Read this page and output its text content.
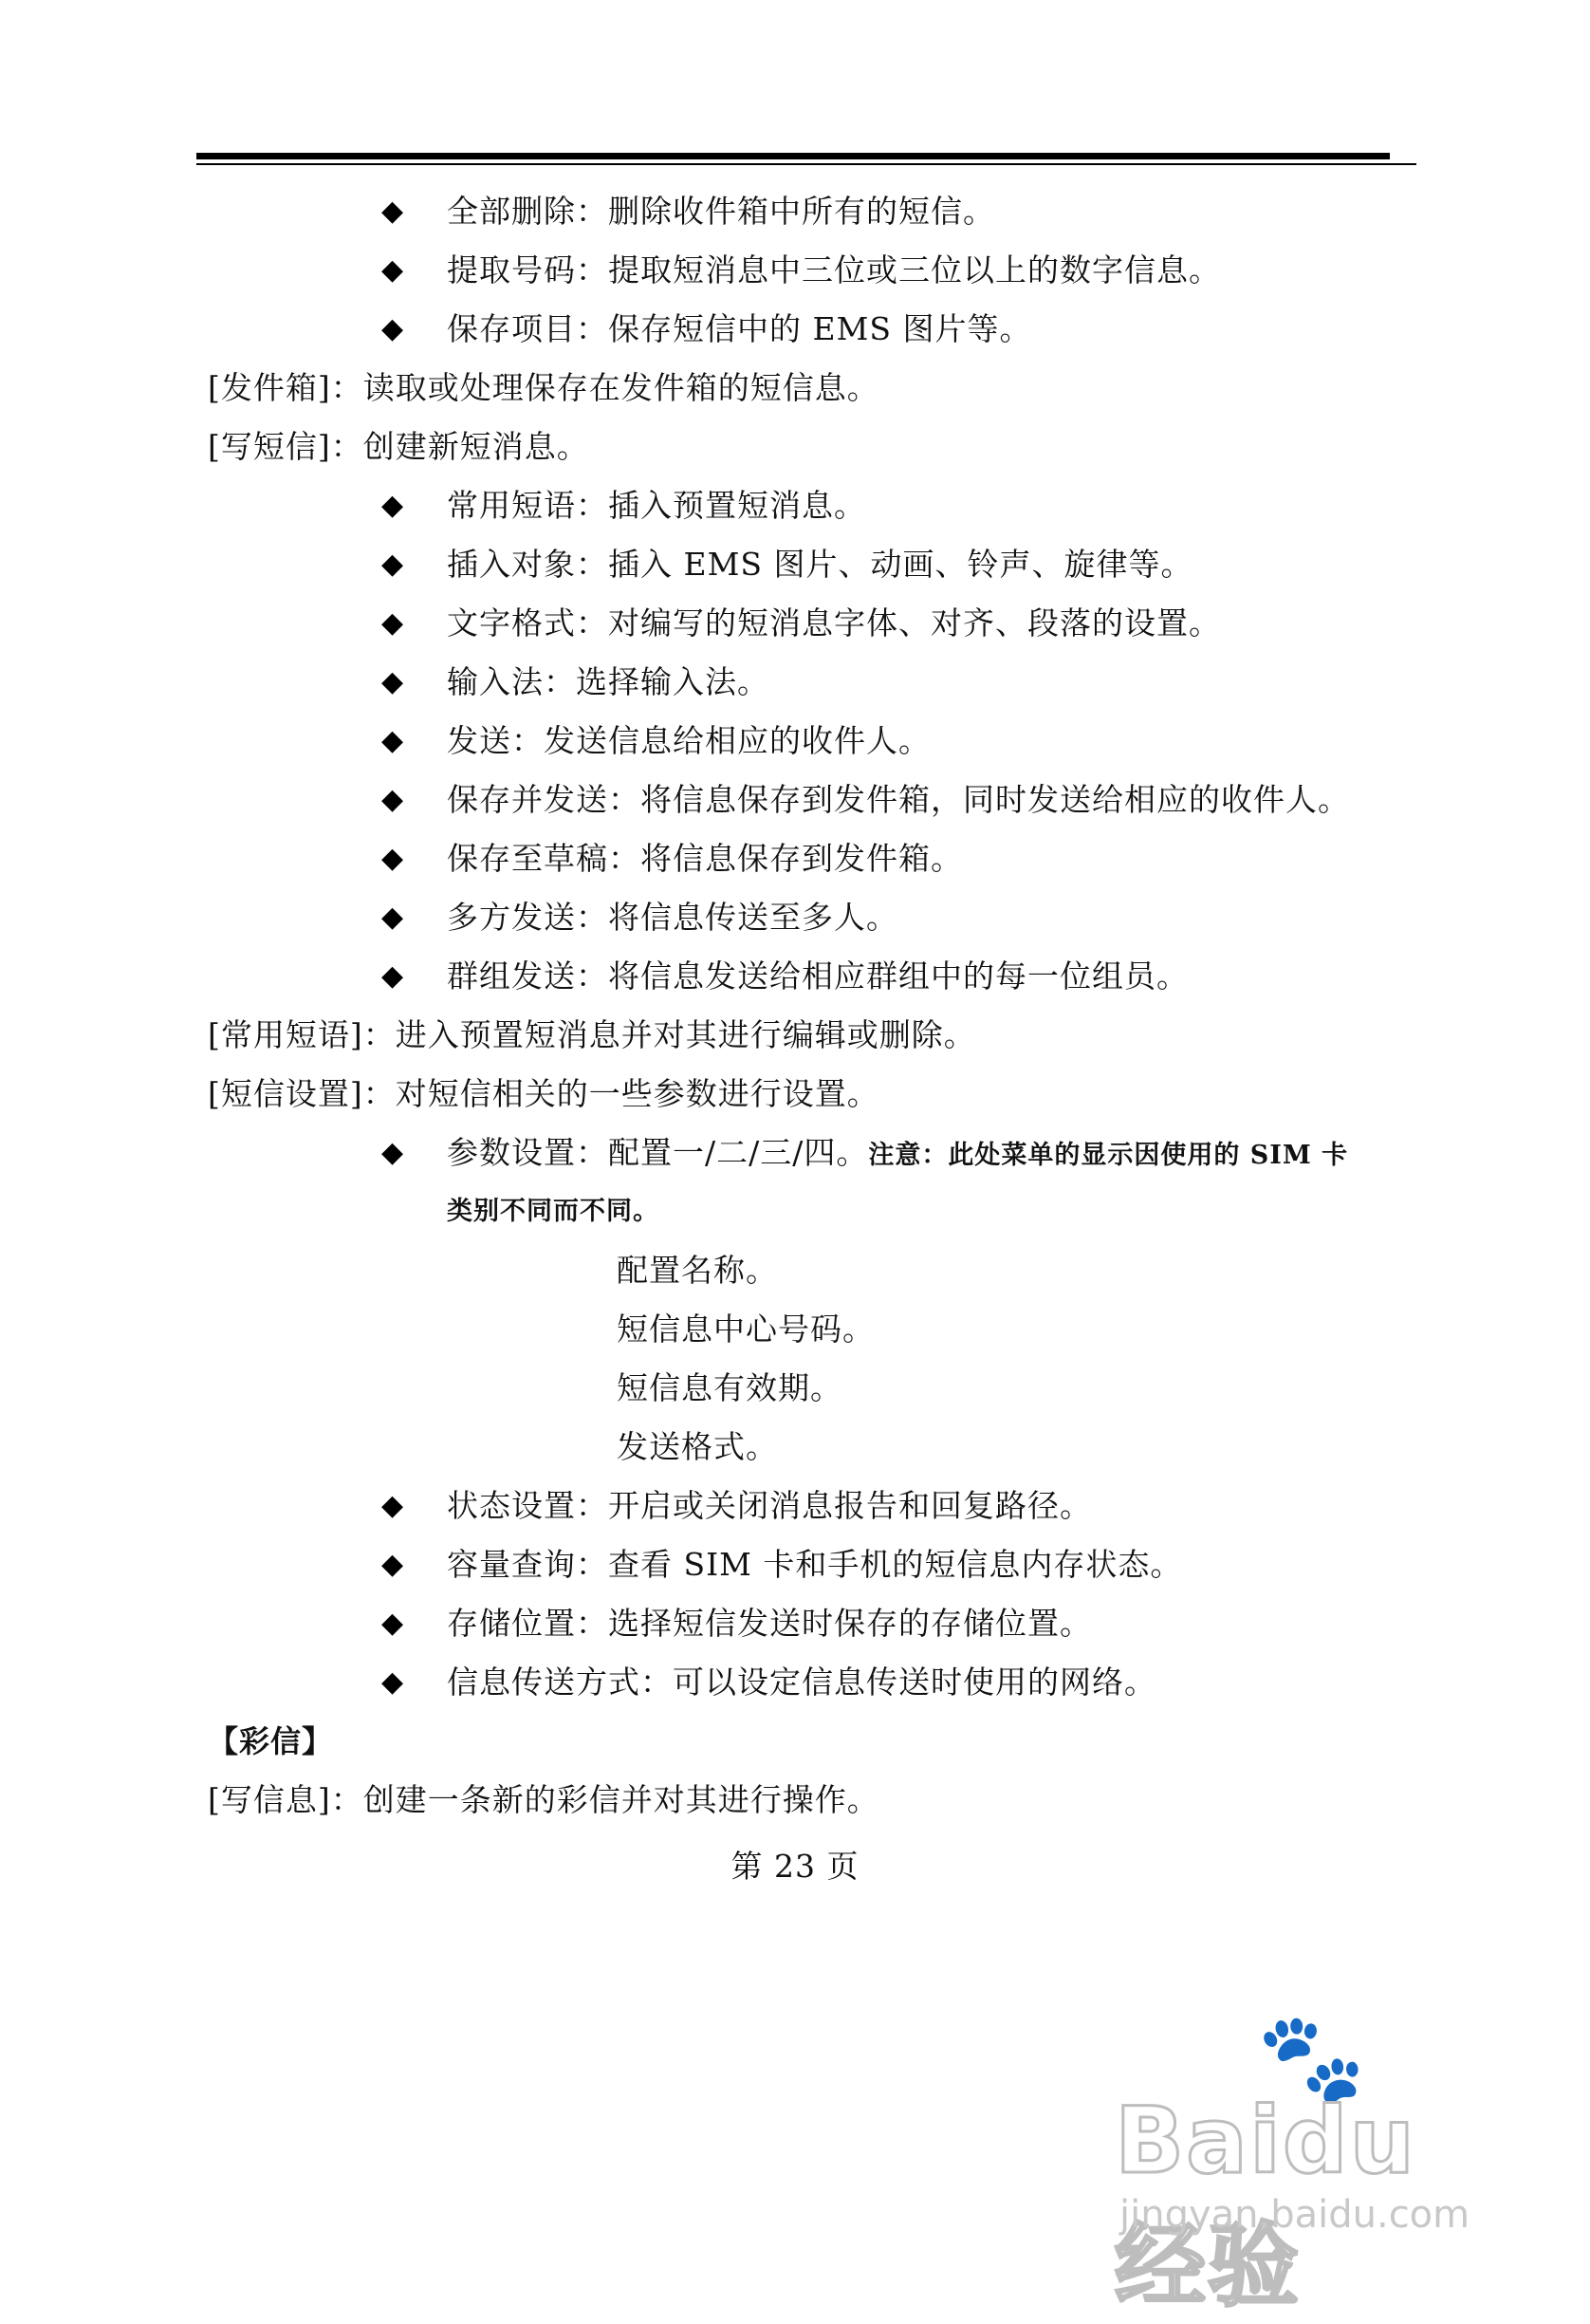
◆ 全部删除：删除收件箱中所有的短信。
◆ 提取号码：提取短消息中三位或三位以上的数字信息。
◆ 保存项目：保存短信中的 EMS 图片等。
[发件箱]：读取或处理保存在发件箱的短信息。
[写短信]：创建新短消息。
◆ 常用短语：插入预置短消息。
◆ 插入对象：插入 EMS 图片、动画、铃声、旋律等。
◆ 文字格式：对编写的短消息字体、对齐、段落的设置。
◆ 输入法：选择输入法。
◆ 发送：发送信息给相应的收件人。
◆ 保存并发送：将信息保存到发件箱，同时发送给相应的收件人。
◆ 保存至草稿：将信息保存到发件箱。
◆ 多方发送：将信息传送至多人。
◆ 群组发送：将信息发送给相应群组中的每一位组员。
[常用短语]：进入预置短消息并对其进行编辑或删除。
[短信设置]：对短信相关的一些参数进行设置。
◆ 参数设置：配置一/二/三/四。注意：此处菜单的显示因使用的 SIM 卡
类别不同而不同。
配置名称。
短信息中心号码。
短信息有效期。
发送格式。
◆ 状态设置：开启或关闭消息报告和回复路径。
◆ 容量查询：查看 SIM 卡和手机的短信息内存状态。
◆ 存储位置：选择短信发送时保存的存储位置。
◆ 信息传送方式：可以设定信息传送时使用的网络。
【彩信】
[写信息]：创建一条新的彩信并对其进行操作。
第 23 页
🐾
Baidu经验
jingyan.baidu.com
